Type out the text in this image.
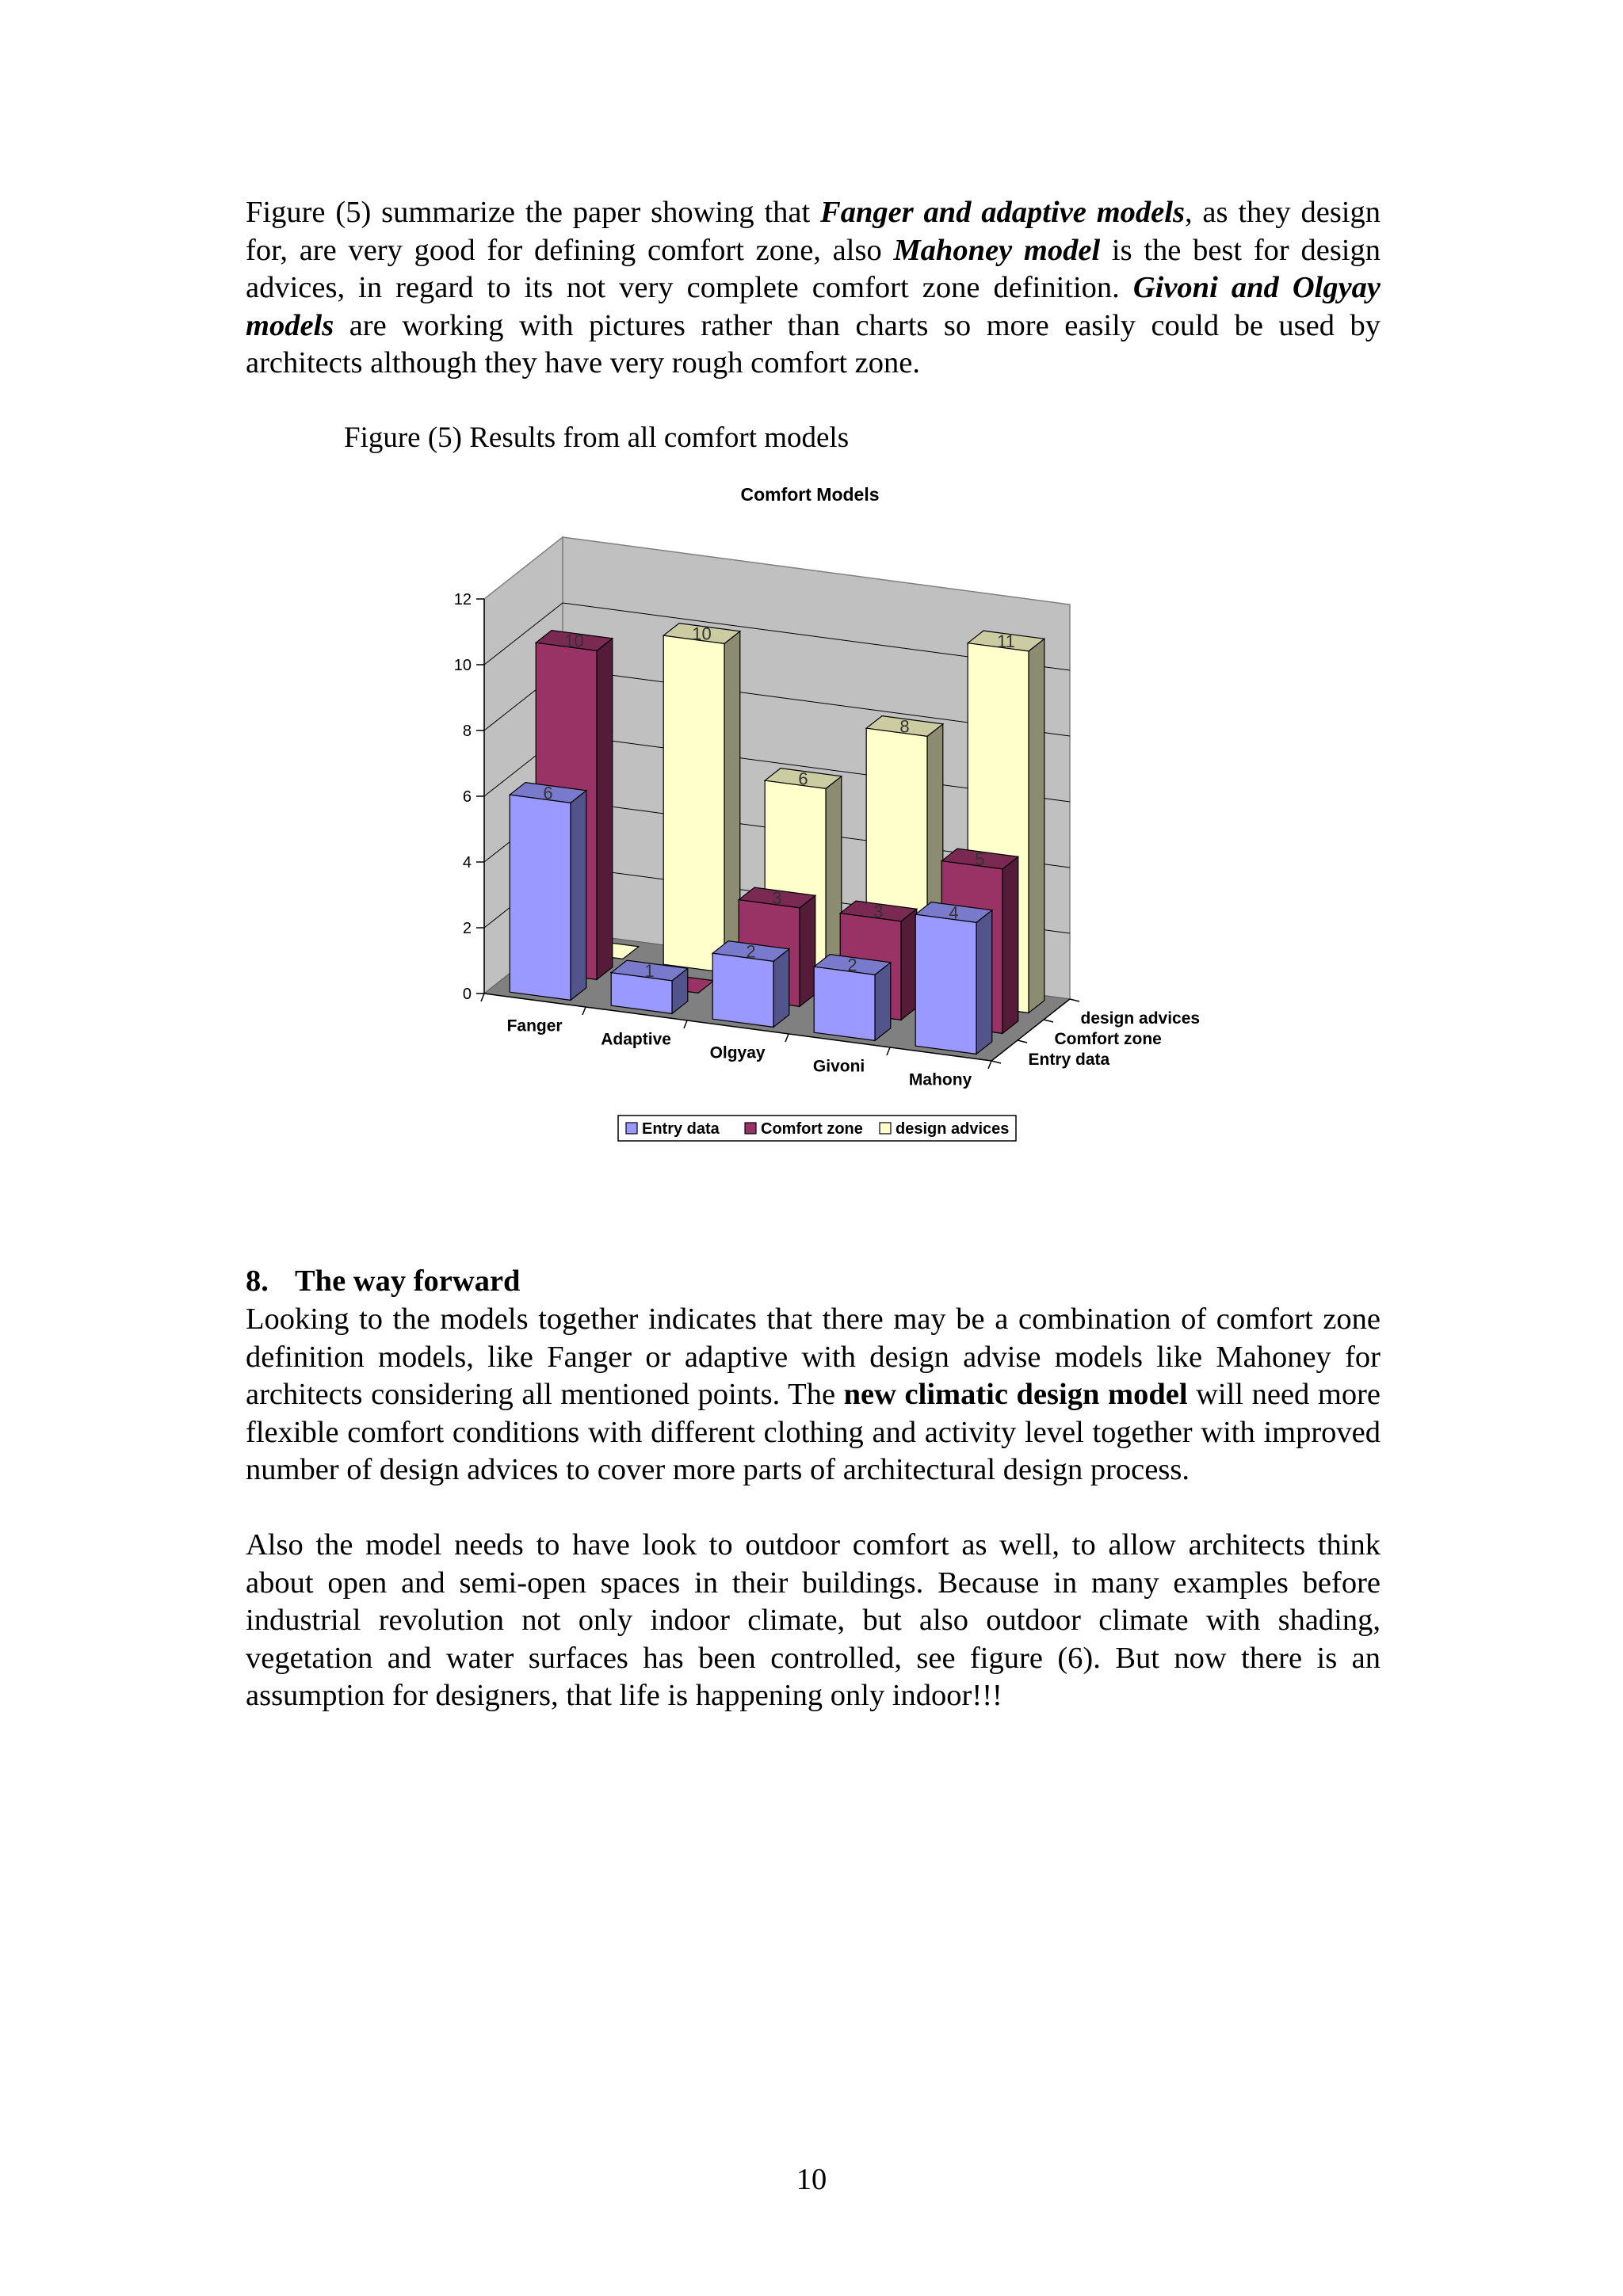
Figure (5) summarize the paper showing that Fanger and adaptive models, as they design for, are very good for defining comfort zone, also Mahoney model is the best for design advices, in regard to its not very complete comfort zone definition. Givoni and Olgyay models are working with pictures rather than charts so more easily could be used by architects although they have very rough comfort zone.

Figure (5) Results from all comfort models

Comfort Models
10
6
8
11
10
3
3
5
6
1
2
2
4
0
2
4
6
8
10
12
Fanger
Adaptive
Olgyay
Givoni
Mahony
Entry data
Comfort zone
design advices
Entry data	Comfort zone design advices
8. The way forward

Looking to the models together indicates that there may be a combination of comfort zone definition models, like Fanger or adaptive with design advise models like Mahoney for architects considering all mentioned points. The new climatic design model will need more flexible comfort conditions with different clothing and activity level together with improved number of design advices to cover more parts of architectural design process.

Also the model needs to have look to outdoor comfort as well, to allow architects think about open and semi-open spaces in their buildings. Because in many examples before industrial revolution not only indoor climate, but also outdoor climate with shading, vegetation and water surfaces has been controlled, see figure (6). But now there is an assumption for designers, that life is happening only indoor!!!

10
